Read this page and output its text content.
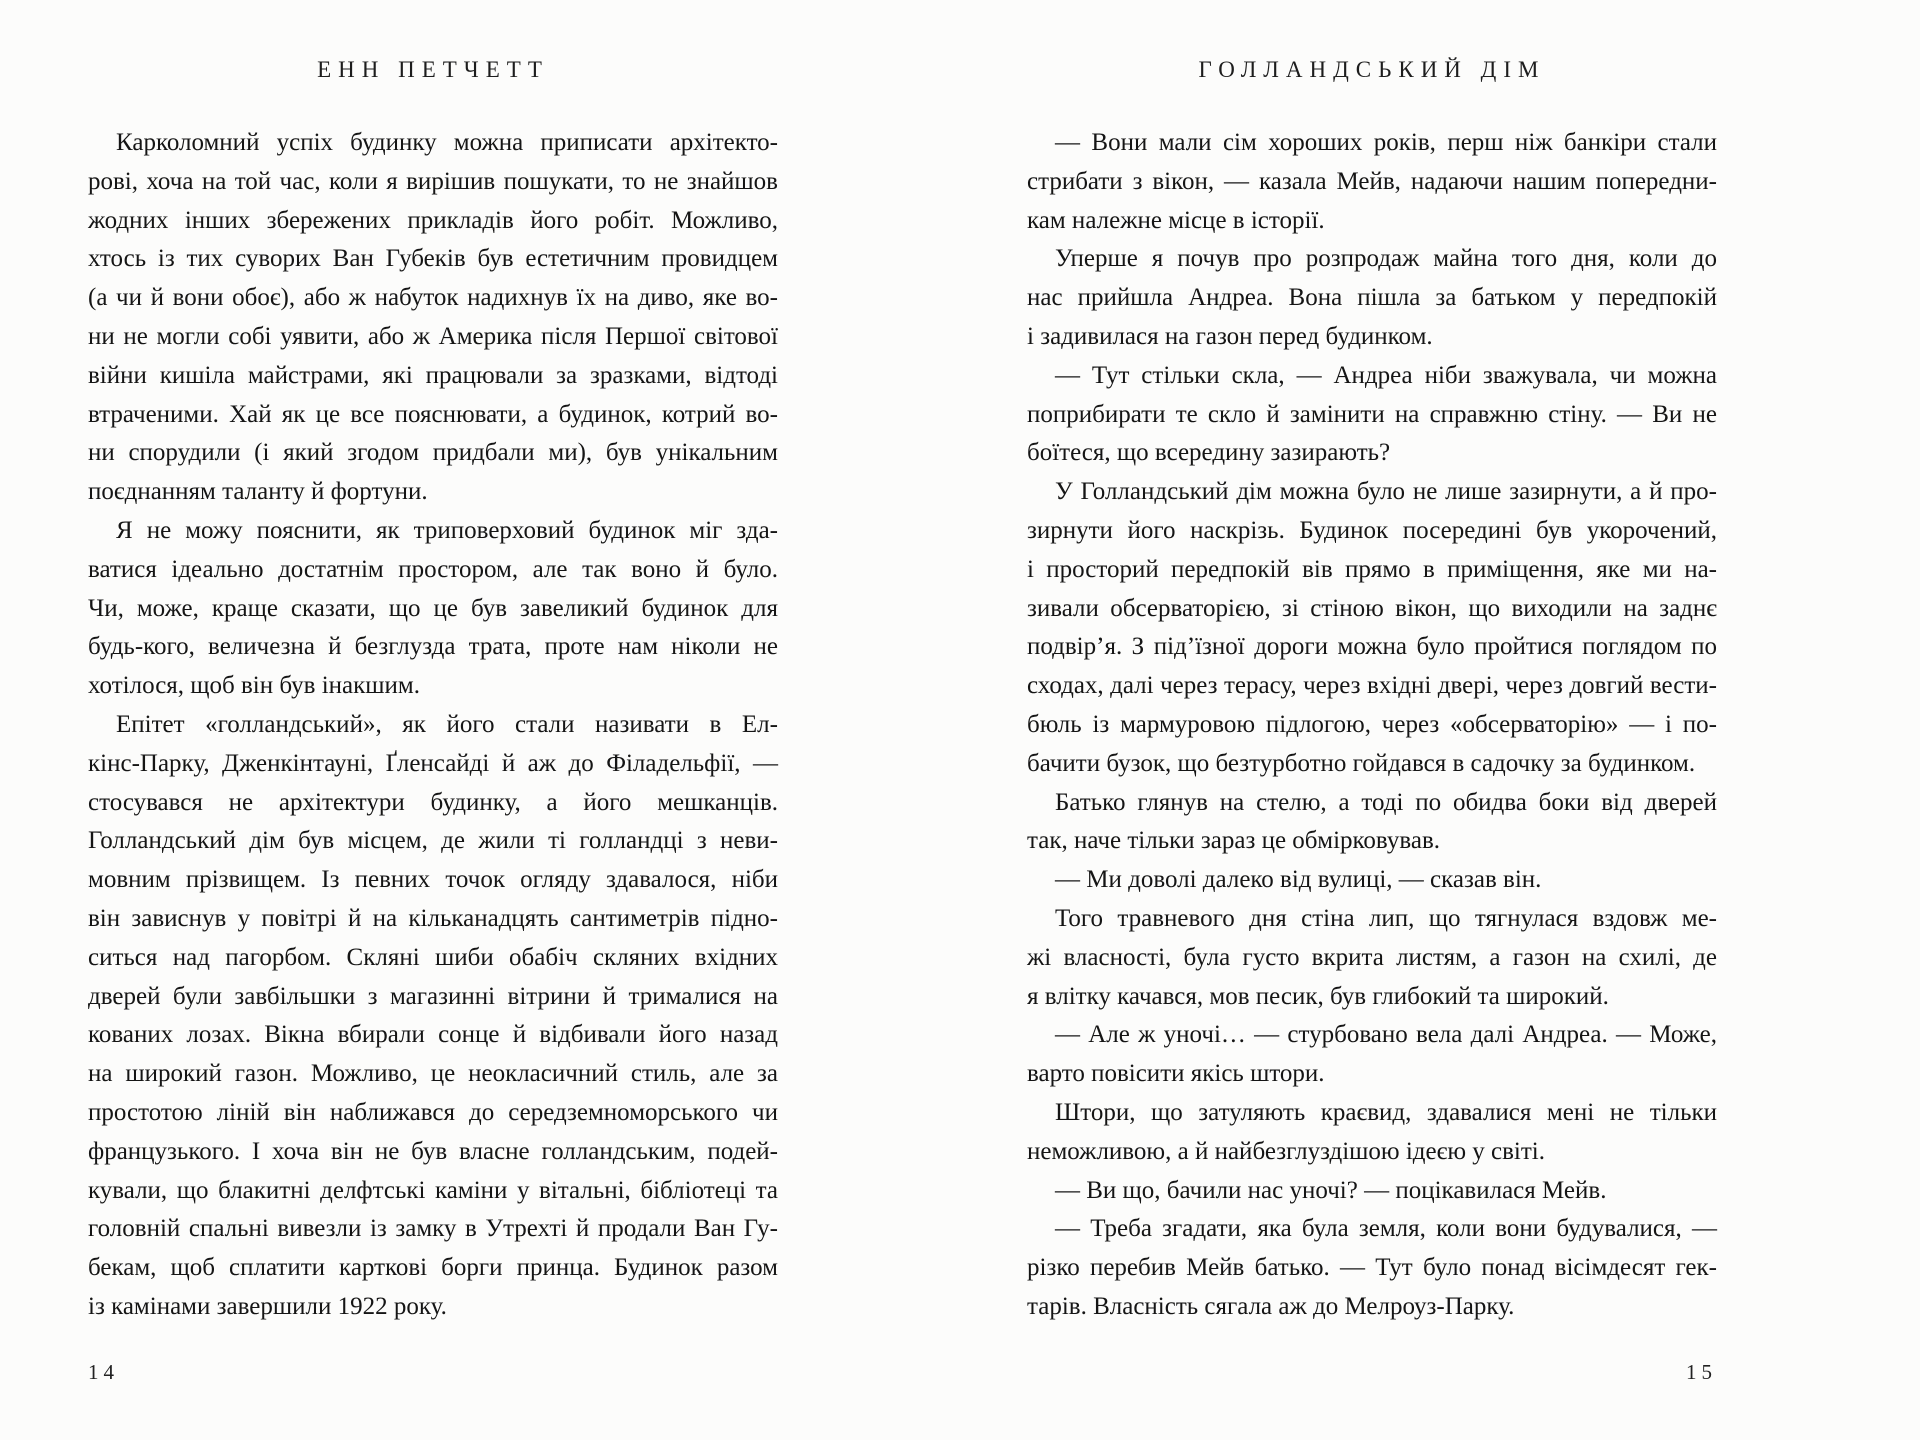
ЕНН ПЕТЧЕТТ
Карколомний успіх будинку можна приписати архітекто-
рові, хоча на той час, коли я вирішив пошукати, то не знайшов
жодних інших збережених прикладів його робіт. Можливо,
хтось із тих суворих Ван Губеків був естетичним провидцем
(а чи й вони обоє), або ж набуток надихнув їх на диво, яке во-
ни не могли собі уявити, або ж Америка після Першої світової
війни кишіла майстрами, які працювали за зразками, відтоді
втраченими. Хай як це все пояснювати, а будинок, котрий во-
ни спорудили (і який згодом придбали ми), був унікальним
поєднанням таланту й фортуни.
Я не можу пояснити, як триповерховий будинок міг зда-
ватися ідеально достатнім простором, але так воно й було.
Чи, може, краще сказати, що це був завеликий будинок для
будь-кого, величезна й безглузда трата, проте нам ніколи не
хотілося, щоб він був інакшим.
Епітет «голландський», як його стали називати в Ел-
кінс-Парку, Дженкінтауні, Ґленсайді й аж до Філадельфії, —
стосувався не архітектури будинку, а його мешканців.
Голландський дім був місцем, де жили ті голландці з неви-
мовним прізвищем. Із певних точок огляду здавалося, ніби
він зависнув у повітрі й на кільканадцять сантиметрів підно-
ситься над пагорбом. Скляні шиби обабіч скляних вхідних
дверей були завбільшки з магазинні вітрини й трималися на
кованих лозах. Вікна вбирали сонце й відбивали його назад
на широкий газон. Можливо, це неокласичний стиль, але за
простотою ліній він наближався до середземноморського чи
французького. І хоча він не був власне голландським, подей-
кували, що блакитні делфтські каміни у вітальні, бібліотеці та
головній спальні вивезли із замку в Утрехті й продали Ван Гу-
бекам, щоб сплатити карткові борги принца. Будинок разом
із камінами завершили 1922 року.
14
ГОЛЛАНДСЬКИЙ ДІМ
— Вони мали сім хороших років, перш ніж банкіри стали
стрибати з вікон, — казала Мейв, надаючи нашим попередни-
кам належне місце в історії.
Уперше я почув про розпродаж майна того дня, коли до
нас прийшла Андреа. Вона пішла за батьком у передпокій
і задивилася на газон перед будинком.
— Тут стільки скла, — Андреа ніби зважувала, чи можна
поприбирати те скло й замінити на справжню стіну. — Ви не
боїтеся, що всередину зазирають?
У Голландський дім можна було не лише зазирнути, а й про-
зирнути його наскрізь. Будинок посередині був укорочений,
і просторий передпокій вів прямо в приміщення, яке ми на-
зивали обсерваторією, зі стіною вікон, що виходили на заднє
подвір’я. З під’їзної дороги можна було пройтися поглядом по
сходах, далі через терасу, через вхідні двері, через довгий вести-
бюль із мармуровою підлогою, через «обсерваторію» — і по-
бачити бузок, що безтурботно гойдався в садочку за будинком.
Батько глянув на стелю, а тоді по обидва боки від дверей
так, наче тільки зараз це обмірковував.
— Ми доволі далеко від вулиці, — сказав він.
Того травневого дня стіна лип, що тягнулася вздовж ме-
жі власності, була густо вкрита листям, а газон на схилі, де
я влітку качався, мов песик, був глибокий та широкий.
— Але ж уночі… — стурбовано вела далі Андреа. — Може,
варто повісити якісь штори.
Штори, що затуляють краєвид, здавалися мені не тільки
неможливою, а й найбезглуздішою ідеєю у світі.
— Ви що, бачили нас уночі? — поцікавилася Мейв.
— Треба згадати, яка була земля, коли вони будувалися, —
різко перебив Мейв батько. — Тут було понад вісімдесят гек-
тарів. Власність сягала аж до Мелроуз-Парку.
15
